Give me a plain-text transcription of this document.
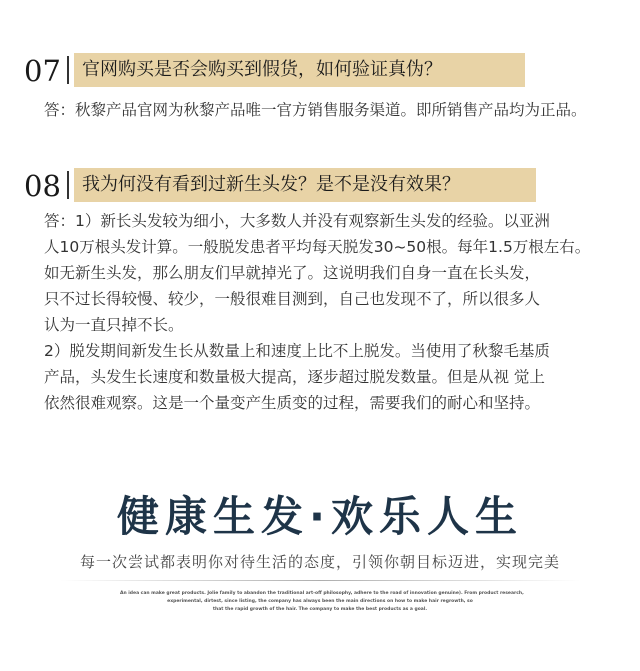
07	官网购买是否会购买到假货，如何验证真伪？

答：秋黎产品官网为秋黎产品唯一官方销售服务渠道。即所销售产品均为正品。

08	我为何没有看到过新生头发？是不是没有效果？

答：1）新长头发较为细小，大多数人并没有观察新生头发的经验。以亚洲

人10万根头发计算。一般脱发患者平均每天脱发30~50根。每年1.5万根左右。

如无新生头发，那么朋友们早就掉光了。这说明我们自身一直在长头发，

只不过长得较慢、较少，一般很难目测到，自己也发现不了，所以很多人

认为一直只掉不长。

2）脱发期间新发生长从数量上和速度上比不上脱发。当使用了秋黎毛基质

产品，头发生长速度和数量极大提高，逐步超过脱发数量。但是从视 觉上

依然很难观察。这是一个量变产生质变的过程，需要我们的耐心和坚持。

健康生发·欢乐人生
每一次尝试都表明你对待生活的态度，引领你朝目标迈进，实现完美

An idea can make great products. Jolie family to abandon the traditional art-off philosophy, adhere to the road of innovation genuine). From product research,

experimental, dirtest, since listing, the company has always been the main directions on how to make hair regrowth, so

that the rapid growth of the hair. The company to make the best products as a goal.
